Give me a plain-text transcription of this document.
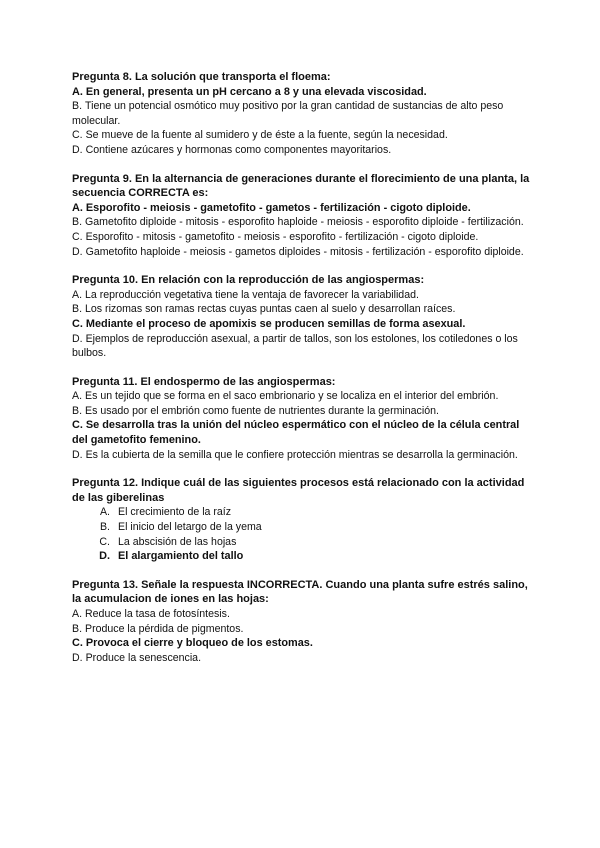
Pregunta 8. La solución que transporta el floema:

A. En general, presenta un pH cercano a 8 y una elevada viscosidad.

B. Tiene un potencial osmótico muy positivo por la gran cantidad de sustancias de alto peso molecular.

C. Se mueve de la fuente al sumidero y de éste a la fuente, según la necesidad.

D. Contiene azúcares y hormonas como componentes mayoritarios.

Pregunta 9. En la alternancia de generaciones durante el florecimiento de una planta, la secuencia CORRECTA es:

A. Esporofito - meiosis - gametofito - gametos - fertilización - cigoto diploide.

B. Gametofito diploide - mitosis - esporofito haploide - meiosis - esporofito diploide - fertilización.

C. Esporofito - mitosis - gametofito - meiosis - esporofito - fertilización - cigoto diploide.

D. Gametofito haploide - meiosis - gametos diploides - mitosis - fertilización - esporofito diploide.

Pregunta 10. En relación con la reproducción de las angiospermas:

A. La reproducción vegetativa tiene la ventaja de favorecer la variabilidad.

B. Los rizomas son ramas rectas cuyas puntas caen al suelo y desarrollan raíces.

C. Mediante el proceso de apomixis se producen semillas de forma asexual.

D. Ejemplos de reproducción asexual, a partir de tallos, son los estolones, los cotiledones o los bulbos.

Pregunta 11. El endospermo de las angiospermas:

A. Es un tejido que se forma en el saco embrionario y se localiza en el interior del embrión.

B. Es usado por el embrión como fuente de nutrientes durante la germinación.

C. Se desarrolla tras la unión del núcleo espermático con el núcleo de la célula central del gametofito femenino.

D. Es la cubierta de la semilla que le confiere protección mientras se desarrolla la germinación.

Pregunta 12. Indique cuál de las siguientes procesos está relacionado con la actividad de las giberelinas

A. El crecimiento de la raíz

B. El inicio del letargo de la yema

C. La abscisión de las hojas

D. El alargamiento del tallo

Pregunta 13. Señale la respuesta INCORRECTA. Cuando una planta sufre estrés salino, la acumulacion de iones en las hojas:

A. Reduce la tasa de fotosíntesis.

B. Produce la pérdida de pigmentos.

C. Provoca el cierre y bloqueo de los estomas.

D. Produce la senescencia.
